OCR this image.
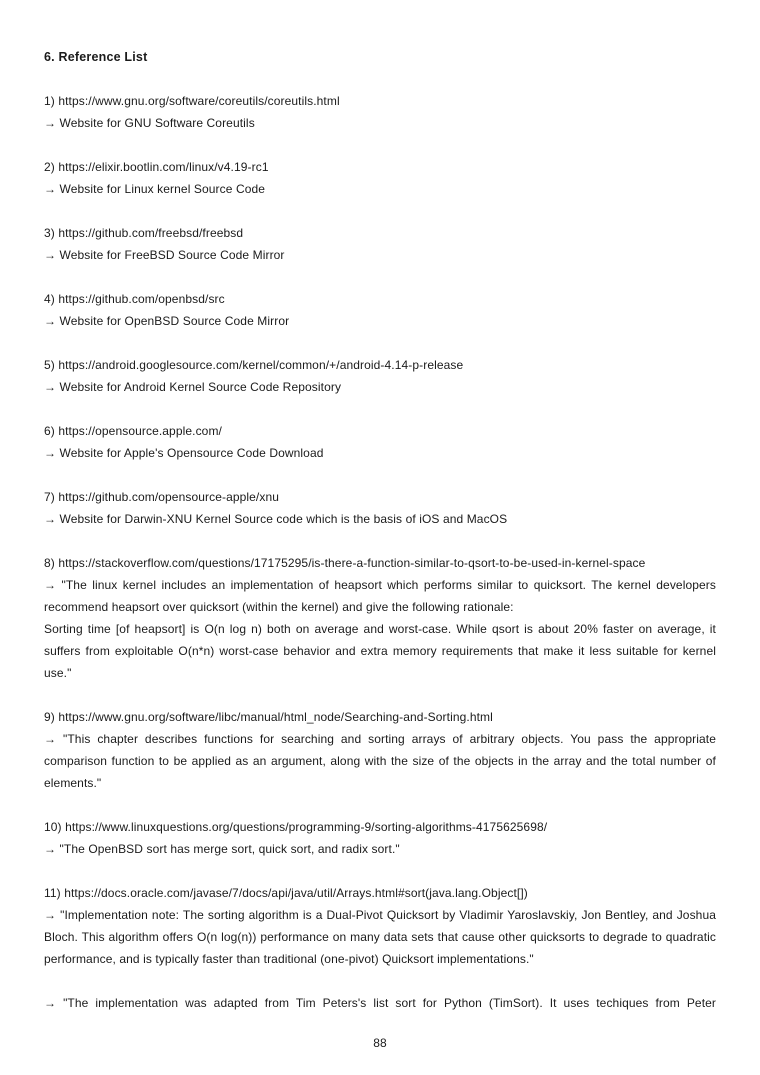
6. Reference List

1) https://www.gnu.org/software/coreutils/coreutils.html

→ Website for GNU Software Coreutils

2) https://elixir.bootlin.com/linux/v4.19-rc1

→ Website for Linux kernel Source Code

3) https://github.com/freebsd/freebsd

→ Website for FreeBSD Source Code Mirror

4) https://github.com/openbsd/src

→ Website for OpenBSD Source Code Mirror

5) https://android.googlesource.com/kernel/common/+/android-4.14-p-release

→ Website for Android Kernel Source Code Repository

6) https://opensource.apple.com/

→ Website for Apple's Opensource Code Download

7) https://github.com/opensource-apple/xnu

→ Website for Darwin-XNU Kernel Source code which is the basis of iOS and MacOS

8) https://stackoverflow.com/questions/17175295/is-there-a-function-similar-to-qsort-to-be-used-in-kernel-space

→ "The linux kernel includes an implementation of heapsort which performs similar to quicksort. The kernel developers recommend heapsort over quicksort (within the kernel) and give the following rationale:

Sorting time [of heapsort] is O(n log n) both on average and worst-case. While qsort is about 20% faster on average, it suffers from exploitable O(n*n) worst-case behavior and extra memory requirements that make it less suitable for kernel use."

9) https://www.gnu.org/software/libc/manual/html_node/Searching-and-Sorting.html

→ "This chapter describes functions for searching and sorting arrays of arbitrary objects. You pass the appropriate comparison function to be applied as an argument, along with the size of the objects in the array and the total number of elements."

10) https://www.linuxquestions.org/questions/programming-9/sorting-algorithms-4175625698/

→ "The OpenBSD sort has merge sort, quick sort, and radix sort."

11) https://docs.oracle.com/javase/7/docs/api/java/util/Arrays.html#sort(java.lang.Object[])

→ "Implementation note: The sorting algorithm is a Dual-Pivot Quicksort by Vladimir Yaroslavskiy, Jon Bentley, and Joshua Bloch. This algorithm offers O(n log(n)) performance on many data sets that cause other quicksorts to degrade to quadratic performance, and is typically faster than traditional (one-pivot) Quicksort implementations."

→ "The implementation was adapted from Tim Peters's list sort for Python (TimSort). It uses techiques from Peter

88
